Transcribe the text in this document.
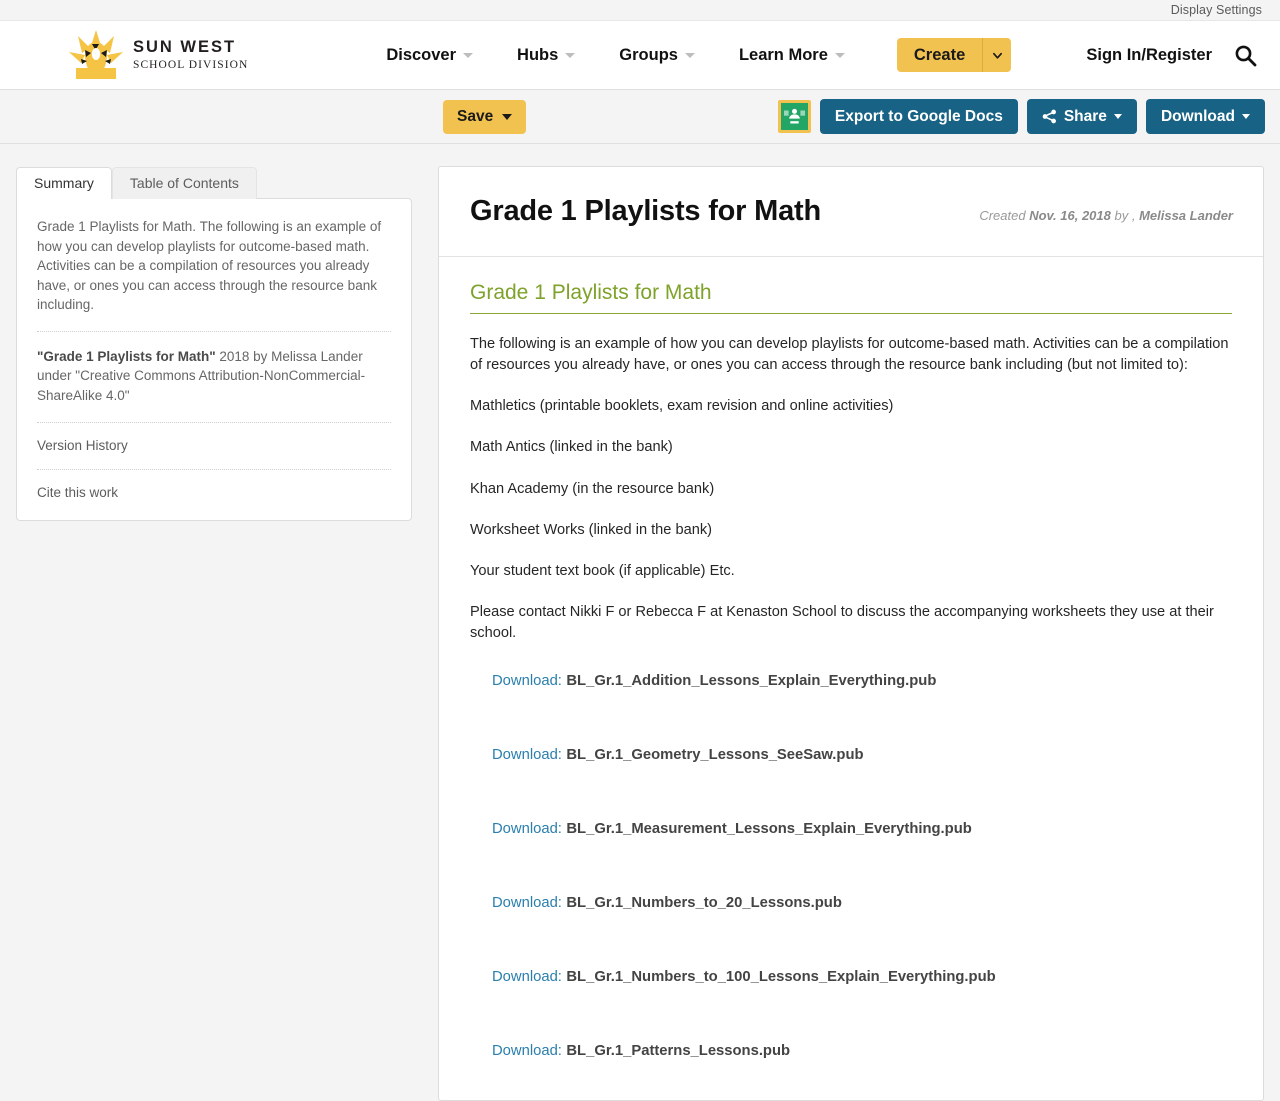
Display Settings
SUN WEST
SCHOOL DIVISION
Discover	Hubs	Groups	Learn More	Create	Sign In/Register
Save	Export to Google Docs	Share	Download
Summary	Table of Contents

Grade 1 Playlists for Math. The following is an example of how you can develop playlists for outcome-based math. Activities can be a compilation of resources you already have, or ones you can access through the resource bank including.

"Grade 1 Playlists for Math" 2018 by Melissa Lander under "Creative Commons Attribution-NonCommercial-ShareAlike 4.0"

Version History
Cite this work
Grade 1 Playlists for Math	Created Nov. 16, 2018 by , Melissa Lander
Grade 1 Playlists for Math

The following is an example of how you can develop playlists for outcome-based math. Activities can be a compilation of resources you already have, or ones you can access through the resource bank including (but not limited to):

Mathletics (printable booklets, exam revision and online activities)

Math Antics (linked in the bank)

Khan Academy (in the resource bank)

Worksheet Works (linked in the bank)

Your student text book (if applicable) Etc.

Please contact Nikki F or Rebecca F at Kenaston School to discuss the accompanying worksheets they use at their school.

Download: BL_Gr.1_Addition_Lessons_Explain_Everything.pub
Download: BL_Gr.1_Geometry_Lessons_SeeSaw.pub
Download: BL_Gr.1_Measurement_Lessons_Explain_Everything.pub
Download: BL_Gr.1_Numbers_to_20_Lessons.pub
Download: BL_Gr.1_Numbers_to_100_Lessons_Explain_Everything.pub
Download: BL_Gr.1_Patterns_Lessons.pub
